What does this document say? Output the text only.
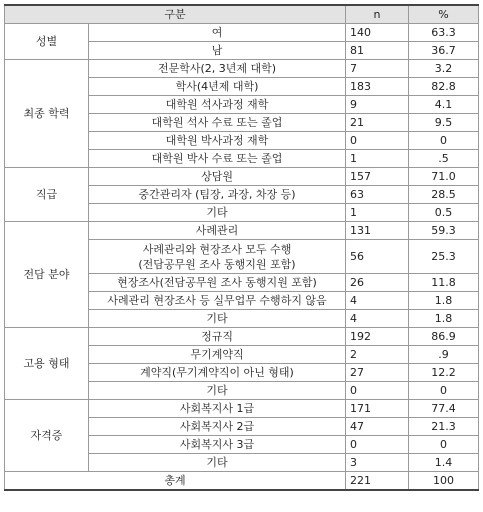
구분		n	%
성별	여	140	63.3
	남	81	36.7
최종 학력	전문학사(2, 3년제 대학)	7	3.2
	학사(4년제 대학)	183	82.8
	대학원 석사과정 재학	9	4.1
	대학원 석사 수료 또는 졸업	21	9.5
	대학원 박사과정 재학	0	0
	대학원 박사 수료 또는 졸업	1	.5
직급	상담원	157	71.0
	중간관리자 (팀장, 과장, 차장 등)	63	28.5
	기타	1	0.5
전담 분야	사례관리	131	59.3

	사례관리와 현장조사 모두 수행
(전담공무원 조사 동행지원 포함)	56	25.3
	현장조사(전담공무원 조사 동행지원 포함)	26	11.8
	사례관리 현장조사 등 실무업무 수행하지 않음	4	1.8
	기타	4	1.8
고용 형태	정규직	192	86.9
	무기계약직	2	.9
	계약직(무기계약직이 아닌 형태)	27	12.2
	기타	0	0
자격증	사회복지사 1급	171	77.4
	사회복지사 2급	47	21.3
	사회복지사 3급	0	0
	기타	3	1.4
총계		221	100
